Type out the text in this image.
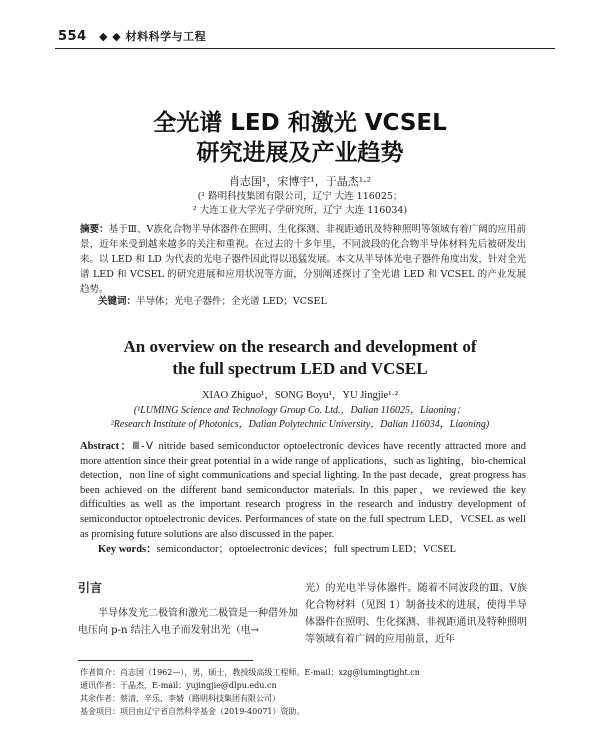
554 ◆ ◆ 材料科学与工程
全光谱 LED 和激光 VCSEL
研究进展及产业趋势
肖志国¹，宋博宇¹，于晶杰¹·²
(¹ 路明科技集团有限公司，辽宁 大连 116025；
² 大连工业大学光子学研究所，辽宁 大连 116034)
摘要：基于Ⅲ、Ⅴ族化合物半导体器件在照明、生化探测、非视距通讯及特种照明等领域有着广阔的应用前景，近年来受到越来越多的关注和重视。在过去的十多年里，不同波段的化合物半导体材料先后被研发出来。以 LED 和 LD 为代表的光电子器件因此得以迅猛发展。本文从半导体光电子器件角度出发，针对全光谱 LED 和 VCSEL 的研究进展和应用状况等方面，分别阐述探讨了全光谱 LED 和 VCSEL 的产业发展趋势。
关键词：半导体；光电子器件；全光谱 LED；VCSEL
An overview on the research and development of
the full spectrum LED and VCSEL
XIAO Zhiguo¹，SONG Boyu¹，YU Jingjie¹·²
(¹LUMING Science and Technology Group Co. Ltd.，Dalian 116025，Liaoning；
²Research Institute of Photonics，Dalian Polytechnic University，Dalian 116034，Liaoning)
Abstract：Ⅲ-Ⅴ nitride based semiconductor optoelectronic devices have recently attracted more and more attention since their great potential in a wide range of applications，such as lighting，bio-chemical detection，non line of sight communications and special lighting. In the past decade，great progress has been achieved on the different band semiconductor materials. In this paper，we reviewed the key difficulties as well as the important research progress in the research and industry development of semiconductor optoelectronic devices. Performances of state on the full spectrum LED，VCSEL as well as promising future solutions are also discussed in the paper.
Key words：semiconductor；optoelectronic devices；full spectrum LED；VCSEL
引言

半导体发光二极管和激光二极管是一种借外加电压向 p-n 结注入电子而发射出光（电→

光）的光电半导体器件。随着不同波段的Ⅲ、Ⅴ族化合物材料（见图 1）制备技术的进展，使得半导体器件在照明、生化探测、非视距通讯及特种照明等领域有着广阔的应用前景，近年

作者简介：肖志国（1962—），男，硕士，教授级高级工程师。E-mail：xzg@lumingtight.cn
通讯作者：于晶杰，E-mail：yujingjie@dlpu.edu.cn
其余作者：蔡清，辛乐，李婧（路明科技集团有限公司）
基金项目：项目由辽宁省自然科学基金（2019-40071）资助。
